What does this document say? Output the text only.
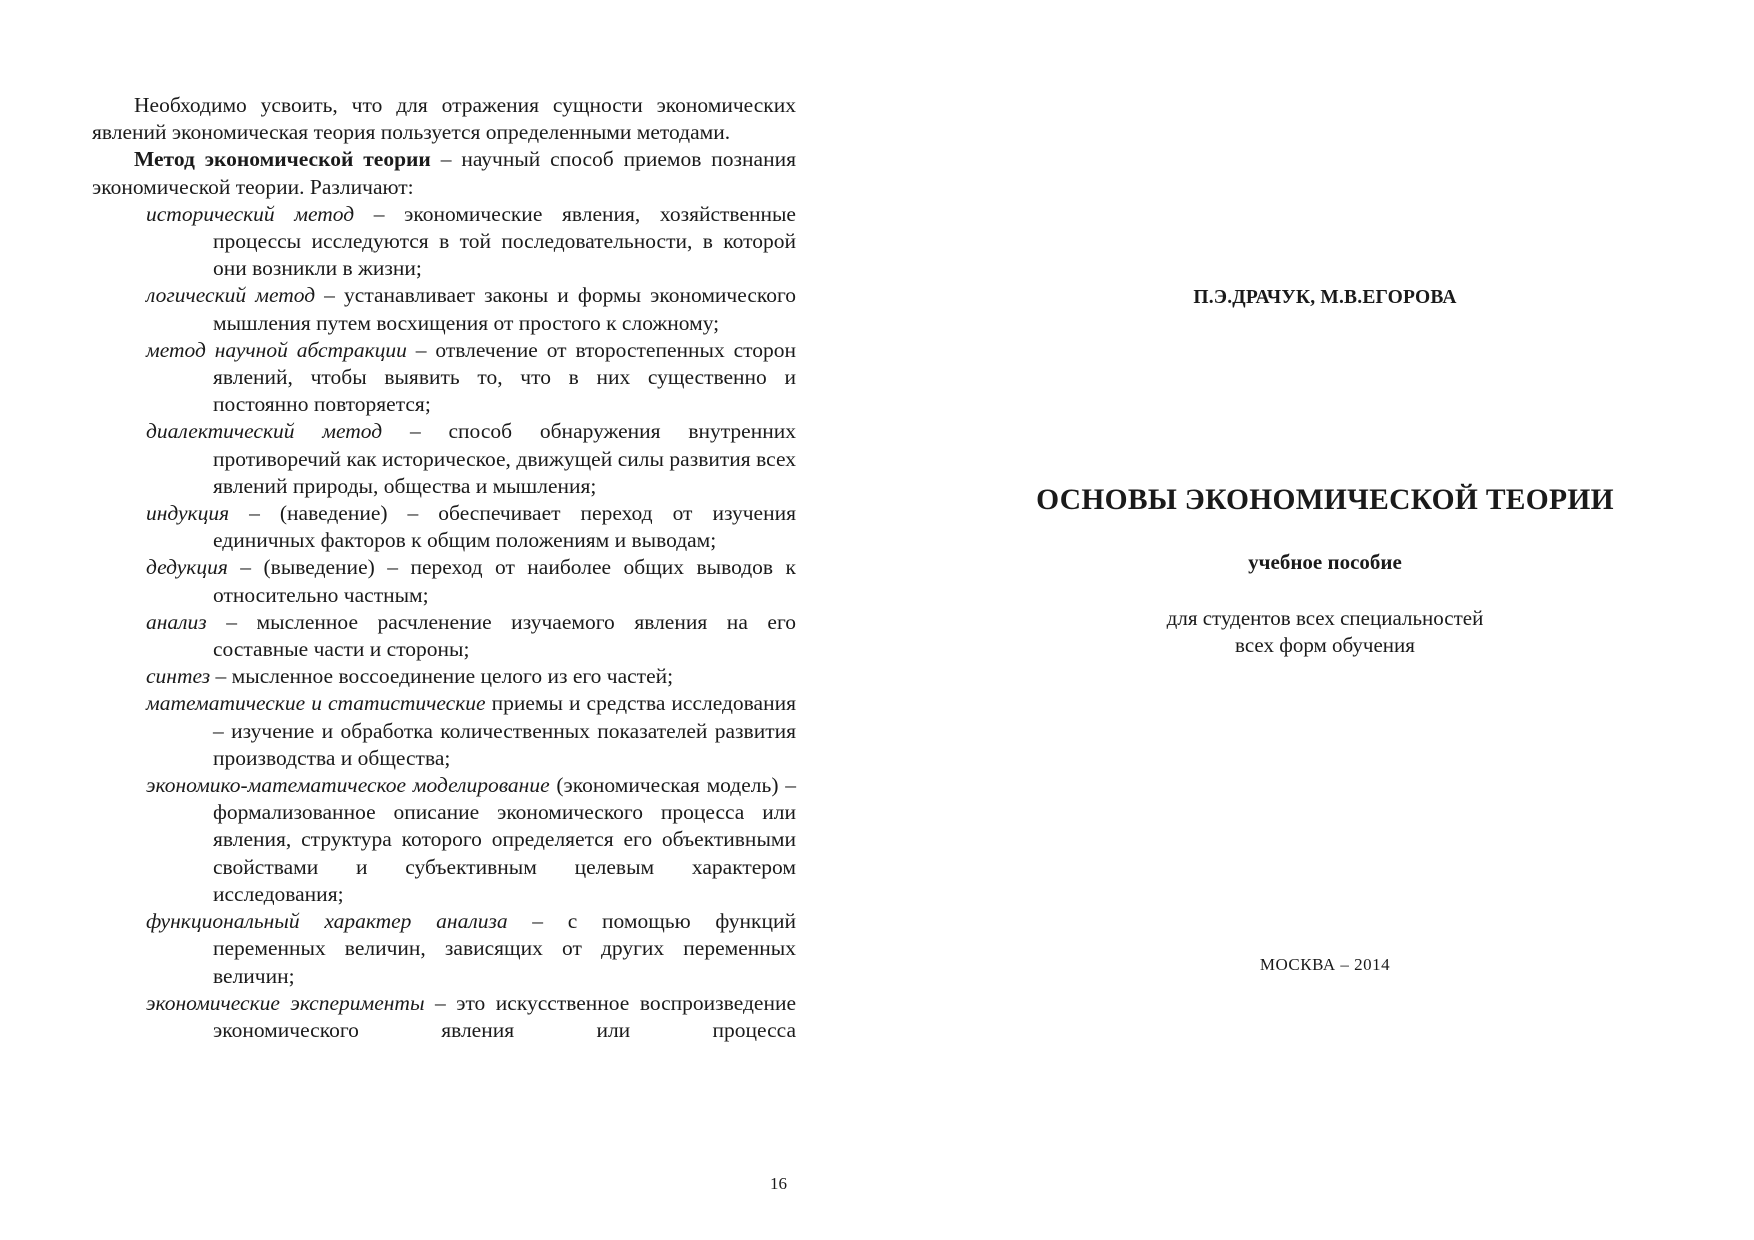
Необходимо усвоить, что для отражения сущности экономических явлений экономическая теория пользуется определенными методами.

Метод экономической теории – научный способ приемов познания экономической теории. Различают:

исторический метод – экономические явления, хозяйственные процессы исследуются в той последовательности, в которой они возникли в жизни;
логический метод – устанавливает законы и формы экономического мышления путем восхищения от простого к сложному;
метод научной абстракции – отвлечение от второстепенных сторон явлений, чтобы выявить то, что в них существенно и постоянно повторяется;
диалектический метод – способ обнаружения внутренних противоречий как историческое, движущей силы развития всех явлений природы, общества и мышления;
индукция – (наведение) – обеспечивает переход от изучения единичных факторов к общим положениям и выводам;
дедукция – (выведение) – переход от наиболее общих выводов к относительно частным;
анализ – мысленное расчленение изучаемого явления на его составные части и стороны;
синтез – мысленное воссоединение целого из его частей;
математические и статистические приемы и средства исследования – изучение и обработка количественных показателей развития производства и общества;
экономико-математическое моделирование (экономическая модель) – формализованное описание экономического процесса или явления, структура которого определяется его объективными свойствами и субъективным целевым характером исследования;
функциональный характер анализа – с помощью функций переменных величин, зависящих от других переменных величин;
экономические эксперименты – это искусственное воспроизведение экономического явления или процесса
16
П.Э.ДРАЧУК, М.В.ЕГОРОВА
ОСНОВЫ ЭКОНОМИЧЕСКОЙ ТЕОРИИ
учебное пособие
для студентов всех специальностей
всех форм обучения
МОСКВА – 2014
